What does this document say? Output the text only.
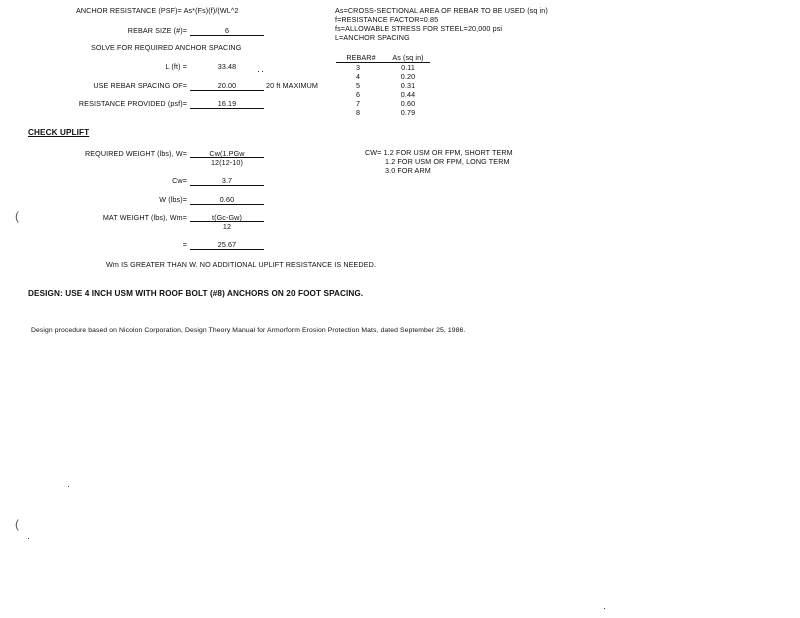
ANCHOR RESISTANCE (PSF)= As*(Fs)(f)/(WL^2
REBAR SIZE (#)=	6
SOLVE FOR REQUIRED ANCHOR SPACING
L (ft) =	33.48
USE REBAR SPACING OF=	20.00	20 ft MAXIMUM
RESISTANCE PROVIDED (psf)=	16.19
As=CROSS-SECTIONAL AREA OF REBAR TO BE USED (sq in)
f=RESISTANCE FACTOR=0.85
fs=ALLOWABLE STRESS FOR STEEL=20,000 psi
L=ANCHOR SPACING
REBAR#	As (sq in)
3	0.11
4	0.20
5	0.31
6	0.44
7	0.60
8	0.79
CHECK UPLIFT
REQUIRED WEIGHT (lbs), W=	Cw(1.PGw
12(12-10)
Cw=	3.7
W (lbs)=	0.60
MAT WEIGHT (lbs), Wm=	t(Gc-Gw)
12
=	25.67
Wm IS GREATER THAN W. NO ADDITIONAL UPLIFT RESISTANCE IS NEEDED.
CW= 1.2 FOR USM OR FPM, SHORT TERM
1.2 FOR USM OR FPM, LONG TERM
3.0 FOR ARM
DESIGN: USE 4 INCH USM WITH ROOF BOLT (#8) ANCHORS ON 20 FOOT SPACING.
Design procedure based on Nicolon Corporation, Design Theory Manual for Armorform Erosion Protection Mats, dated September 25, 1986.
(
(
